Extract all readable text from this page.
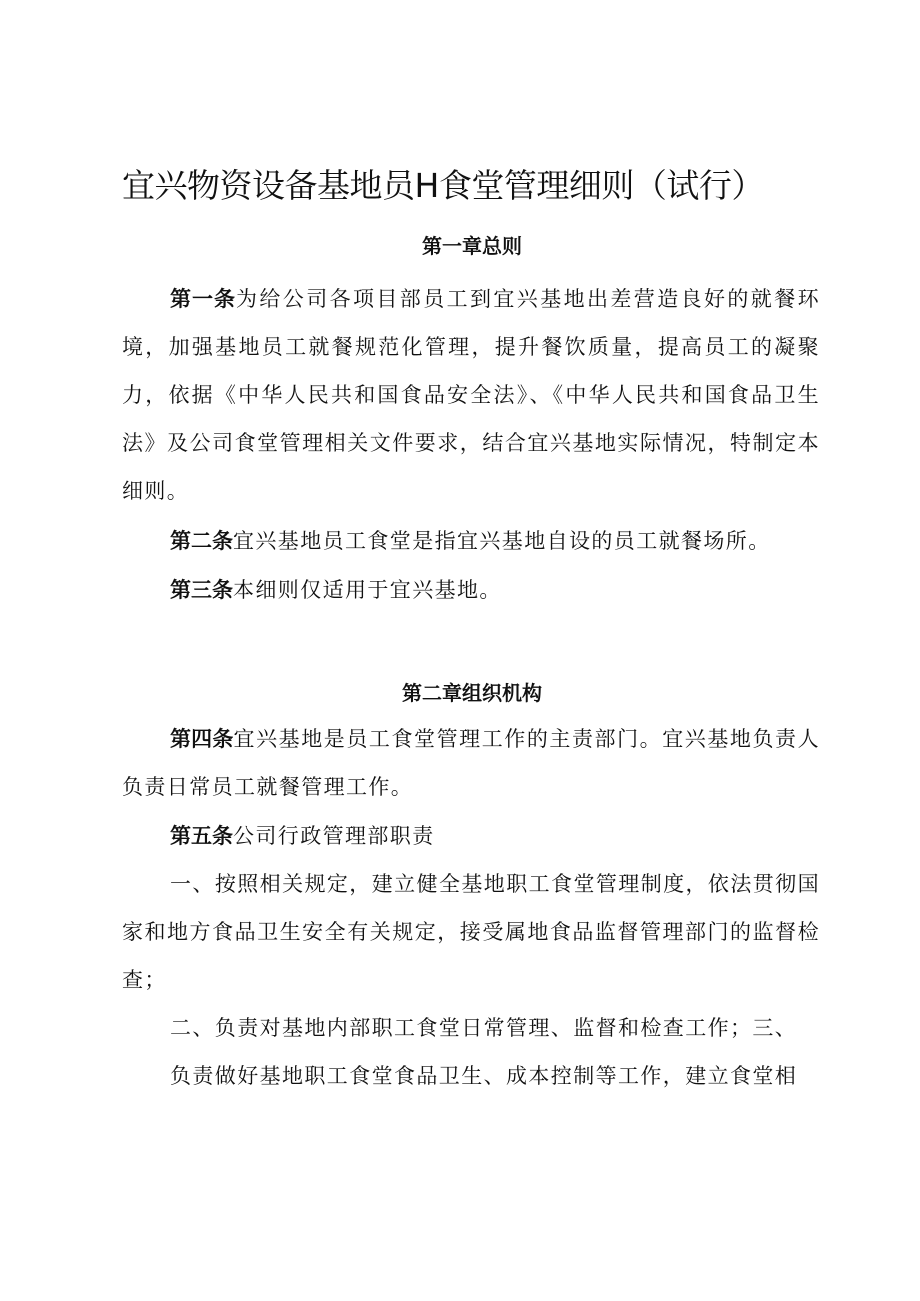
宜兴物资设备基地员H食堂管理细则（试行）
第一章总则

第一条为给公司各项目部员工到宜兴基地出差营造良好的就餐环境，加强基地员工就餐规范化管理，提升餐饮质量，提高员工的凝聚力，依据《中华人民共和国食品安全法》、《中华人民共和国食品卫生法》及公司食堂管理相关文件要求，结合宜兴基地实际情况，特制定本细则。

第二条宜兴基地员工食堂是指宜兴基地自设的员工就餐场所。

第三条本细则仅适用于宜兴基地。

第二章组织机构

第四条宜兴基地是员工食堂管理工作的主责部门。宜兴基地负责人负责日常员工就餐管理工作。

第五条公司行政管理部职责

一、按照相关规定，建立健全基地职工食堂管理制度，依法贯彻国家和地方食品卫生安全有关规定，接受属地食品监督管理部门的监督检查；

二、负责对基地内部职工食堂日常管理、监督和检查工作；三、

负责做好基地职工食堂食品卫生、成本控制等工作，建立食堂相
